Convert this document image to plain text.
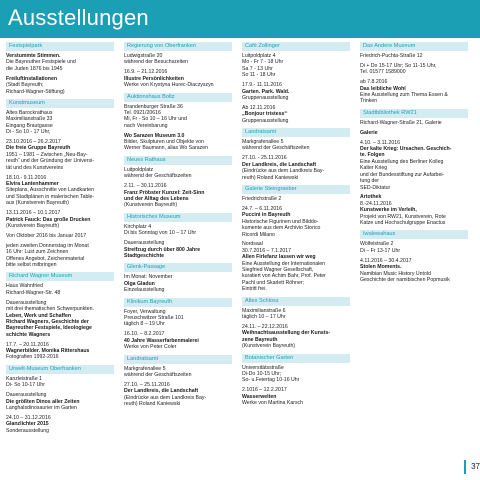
Ausstellungen
Festspielpark
Verstummte Stimmen.
Die Bayreuther Festspiele und
die Juden 1876 bis 1945
Freiluftinstallationen
(Stadt Bayreuth;
Richard-Wagner-Stiftung)
Kunstmuseum
Altes Barockrathaus
Maximilianstraße 33
Eingang Brautgasse
Di - So 10 - 17 Uhr,
23.10.2016 – 26.2.2017
Die freie Gruppe Bayreuth
1951 – 1981 – Zwischen „Neu-Bay-
reuth“ und der Gründung der Universi-
tät und des Kunstvereins
18.10.- 9.11.2016
Elvira Lantenhammer
Siteplans, Ausschnitte von Landkarten
und Stadtplänen in malerischen Table-
aus (Kunstverein Bayreuth)
13.11.2016 – 10.1.2017
Patrick Fauck: Das große Drucken
(Kunstverein Bayreuth)
Von Oktober 2016 bis Januar 2017
jeden zweiten Donnerstag im Monat
16 Uhr: Lust zum Zeichnen
Offenes Angebot, Zeichenmaterial
bitte selbst mitbringen
Richard Wagner Museum
Haus Wahnfried
Richard-Wagner-Str. 48
Dauerausstellung
mit drei thematischen Schwerpunkten.
Leben, Werk und Schaffen
Richard Wagners, Geschichte der
Bayreuther Festspiele, Ideologiege
schichte Wagners
17.7. – 20.11.2016
Wagnerbilder. Monika Rittershaus
Fotografien 1992-2016
Urwelt-Museum Oberfranken
Kanzleistraße 1
Di- So 10-17 Uhr
Dauerausstellung
Die größten Dinos aller Zeiten
Langhalsdinosaurier im Garten
24.10 – 31.12.2016
Glanzlichter 2015
Sonderausstellung
Regierung von Oberfranken
Ludwigstraße 20
während der Besuchszeiten
16.9. – 21.12.2016
Illustre Persönlichkeiten
Werke von Krystyna Hurec-Diaczyszyn
Auktionshaus Boltz
Brandenburger Straße 36
Tel. 0921/20616
Mi, Fr - So 10 – 16 Uhr und
nach Vereinbarung
Wo Sarazen Museum 3.0
Bilder, Skulpturen und Objekte von
Werner Baumann, alias Wo Sarazen
Neues Rathaus
Luitpoldplatz
während der Geschäftszeiten
2.11. – 30.11.2016
Franz Pröbster Kunzel: Zeit-Sinn
und der Alltag des Lebens
(Kunstverein Bayreuth)
Historisches Museum
Kirchplatz 4
Di bis Sonntag von 10 – 17 Uhr
Dauerausstellung
Streifzug durch über 800 Jahre
Stadtgeschichte
Glenk-Passage
Im Monat: November
Olga Gladun
Einzelausstellung
Klinikum Bayreuth
Foyer, Verwaltung
Preuschwitzer Straße 101
täglich 8 – 19 Uhr
16.10. – 8.2.2017
40 Jahre Wasserfarbenmalerei
Werke von Peter Coler
Landratsamt
Markgrafenallee 5
während der Geschäftszeiten
27.10. – 25.11.2016
Der Landkreis, die Landschaft
(Eindrücke aus dem Landkreis Bay-
reuth) Roland Kaniewski
Café Zollinger
Luitpoldplatz 4
Mo - Fr 7 - 18 Uhr
Sa 7 - 13 Uhr
So 11 - 18 Uhr
17.9.- 11.11.2016
Garten. Park. Wald.
Gruppenausstellung
Ab 12.11.2016
„Bonjour tristess“
Gruppenausstellung
Landratsamt
Markgrafenallee 5
während der Geschäftszeiten
27.10. - 25.11.2016
Der Landkreis, die Landschaft
(Eindrücke aus dem Landkreis Bay-
reuth) Roland Kaniewski
Galerie Steingraeber
Friedrichstraße 2
24.7. – 6.11.2016
Puccini in Bayreuth
Historische Figurinen und Bilddo-
kumente aus dem Archivio Storico
Ricordi Milano
Nordsaal
30.7.2016 – 7.1.2017
Allen Firlefanz lassen wir weg
Eine Ausstellung der Internationalen
Siegfried Wagner Gesellschaft,
kuratiert von Achim Bahr, Prof. Peter
Pachl und Skarlett Röhner;
Eintritt frei.
Altes Schloss
Maximilianstraße 6
täglich 10 – 17 Uhr
24.11. – 22.12.2016
Weihnachtsausstellung der Kunsts-
zene Bayreuth
(Kunstverein Bayreuth)
Botanischer Garten
Universitätsstraße
Di-Do 10-15 Uhr;
So- u.Feiertag 10-16 Uhr
2.1016 – 12.2.2017
Wasserwelten
Werke von Martina Karsch
Das Andere Museum
Friedrich-Puchta-Straße 12
Di + Do 15-17 Uhr; So 11-15 Uhr,
Tel. 01577 1589000
ab 7.8.2016
Das leibliche Wohl
Eine Ausstellung zum Thema Essen &
Trinken
Stadtbibliothek RW21
Richard-Wagner-Straße 21, Galerie
Galerie
4.10. – 3.11.2016
Der kalte Krieg: Ursachen. Geschich-
te. Folgen
Eine Ausstellung des Berliner Kolleg
Kalter Krieg
und der Bundesstiftung zur Aufarbei-
tung der
SED-Diktatur
Artothek
8.-24.11.2016
Kunstwerke im Verleih,
Projekt von RW21, Kunstverein, Rote
Katze und Hochschulgruppe Enactus
Iwalewahaus
Wölfelstraße 2
Di – Fr 13-17 Uhr
4.11.2016 – 30.4.2017
Stolen Moments.
Namibian Music History Untold
Geschichte der namibischen Popmusik
37
